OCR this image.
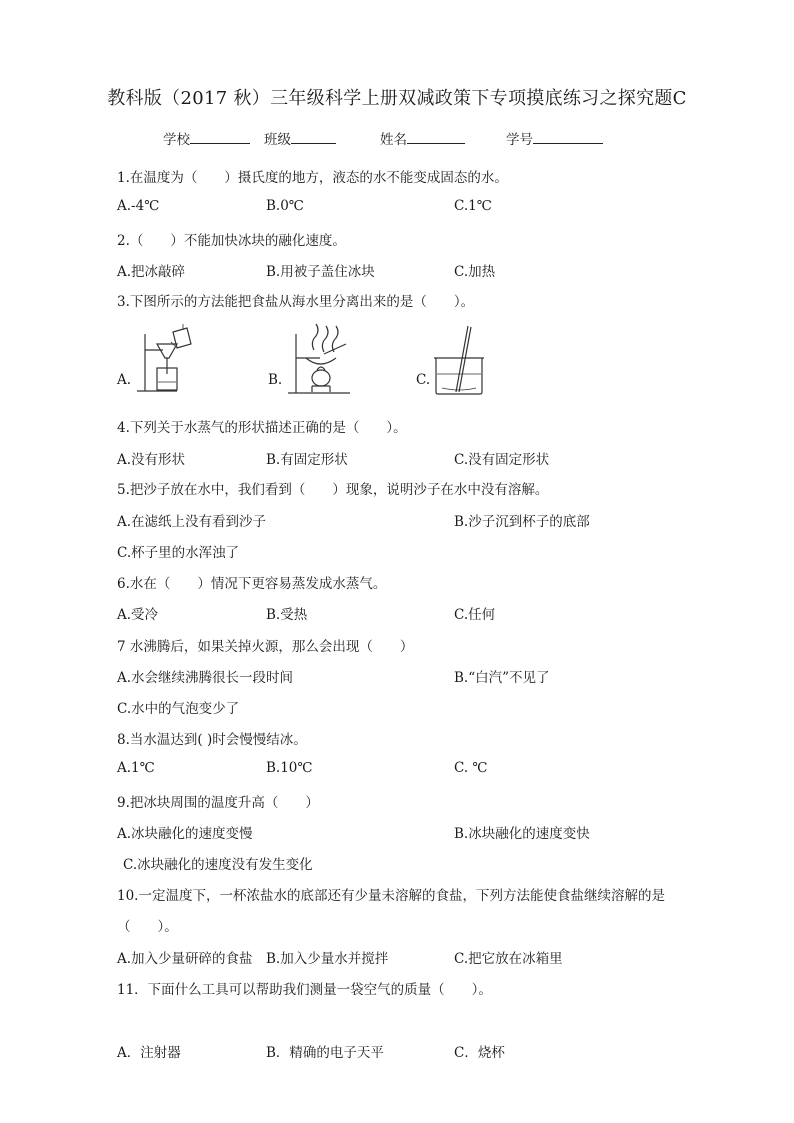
教科版（2017 秋）三年级科学上册双减政策下专项摸底练习之探究题C
学校	班级	姓名	学号
1.在温度为（　　）摄氏度的地方，液态的水不能变成固态的水。
A.-4℃	B.0℃	C.1℃
2.（　　）不能加快冰块的融化速度。
A.把冰敲碎	B.用被子盖住冰块	C.加热
3.下图所示的方法能把食盐从海水里分离出来的是（　　）。
A.	B.	C.
4.下列关于水蒸气的形状描述正确的是（　　）。
A.没有形状	B.有固定形状	C.没有固定形状
5.把沙子放在水中，我们看到（　　）现象，说明沙子在水中没有溶解。
A.在滤纸上没有看到沙子	B.沙子沉到杯子的底部
C.杯子里的水浑浊了
6.水在（　　）情况下更容易蒸发成水蒸气。
A.受冷	B.受热	C.任何
7 水沸腾后，如果关掉火源，那么会出现（　　）
A.水会继续沸腾很长一段时间	B.“白汽”不见了
C.水中的气泡变少了
8.当水温达到( )时会慢慢结冰。
A.1℃	B.10℃	C. ℃
9.把冰块周围的温度升高（　　）
A.冰块融化的速度变慢	B.冰块融化的速度变快
C.冰块融化的速度没有发生变化
10.一定温度下，一杯浓盐水的底部还有少量未溶解的食盐，下列方法能使食盐继续溶解的是
（　　）。
A.加入少量研碎的食盐 B.加入少量水并搅拌	C.把它放在冰箱里
11．下面什么工具可以帮助我们测量一袋空气的质量（　　）。
A．注射器	B．精确的电子天平	C．烧杯
